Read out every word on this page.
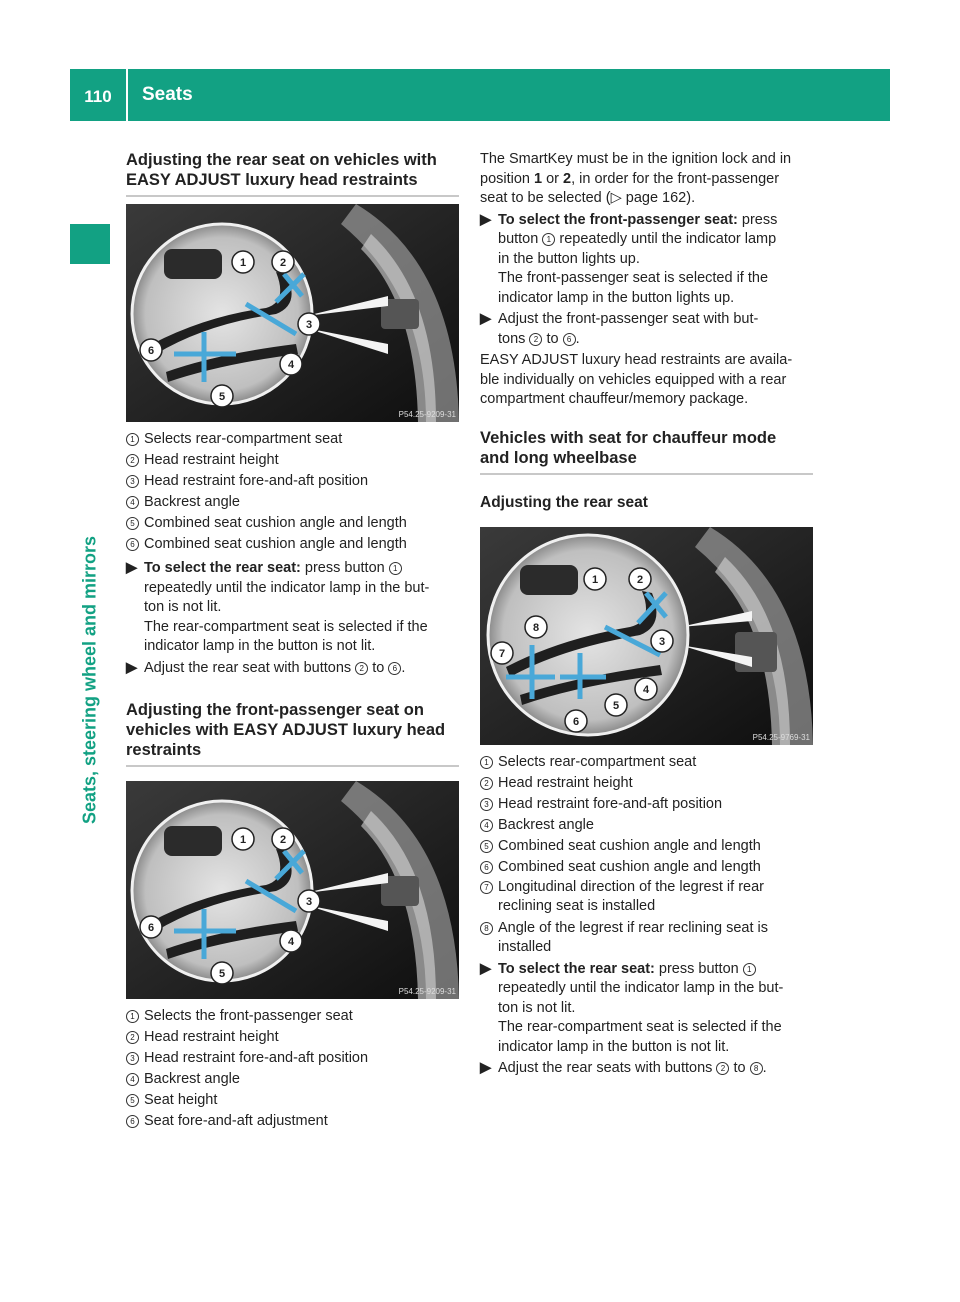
110	Seats
Seats, steering wheel and mirrors
Adjusting the rear seat on vehicles with
EASY ADJUST luxury head restraints
1	2
3
4
5
6
P54.25-9209-31
1 Selects rear-compartment seat
2 Head restraint height
3 Head restraint fore-and-aft position
4 Backrest angle
5 Combined seat cushion angle and length
6 Combined seat cushion angle and length
▶ To select the rear seat: press button 1
repeatedly until the indicator lamp in the but-
ton is not lit.
The rear-compartment seat is selected if the
indicator lamp in the button is not lit.
▶ Adjust the rear seat with buttons 2 to 6 .
Adjusting the front-passenger seat on
vehicles with EASY ADJUST luxury head
restraints
1	2
3
4
5
6
P54.25-9209-31
1 Selects the front-passenger seat
2 Head restraint height
3 Head restraint fore-and-aft position
4 Backrest angle
5 Seat height
6 Seat fore-and-aft adjustment

The SmartKey must be in the ignition lock and in
position 1 or 2, in order for the front-passenger
seat to be selected (▷ page 162).

▶ To select the front-passenger seat: press
button 1 repeatedly until the indicator lamp
in the button lights up.
The front-passenger seat is selected if the
indicator lamp in the button lights up.
▶ Adjust the front-passenger seat with but-
tons 2 to 6 .

EASY ADJUST luxury head restraints are availa-
ble individually on vehicles equipped with a rear
compartment chauffeur/memory package.

Vehicles with seat for chauffeur mode
and long wheelbase
Adjusting the rear seat
1	2
3
4
5
6
7
8
P54.25-9769-31
1 Selects rear-compartment seat
2 Head restraint height
3 Head restraint fore-and-aft position
4 Backrest angle
5 Combined seat cushion angle and length
6 Combined seat cushion angle and length
7 Longitudinal direction of the legrest if rear
reclining seat is installed
8 Angle of the legrest if rear reclining seat is
installed
▶ To select the rear seat: press button 1
repeatedly until the indicator lamp in the but-
ton is not lit.
The rear-compartment seat is selected if the
indicator lamp in the button is not lit.
▶ Adjust the rear seats with buttons 2 to 8 .
